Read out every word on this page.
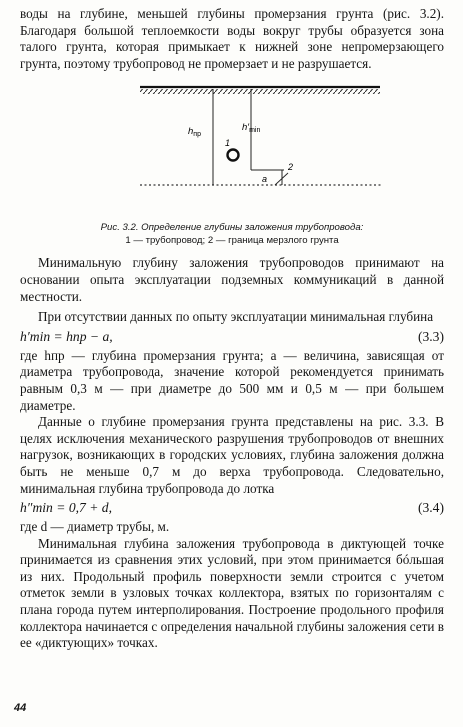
воды на глубине, меньшей глубины промерзания грунта (рис. 3.2). Благодаря большой теплоемкости воды вокруг трубы образуется зона талого грунта, которая примыкает к нижней зоне непромерзающего грунта, поэтому трубопровод не промерзает и не разрушается.

$h_{пр}$
$h'_{min}$
1
2
a
Рис. 3.2. Определение глубины заложения трубопровода:
1 — трубопровод; 2 — граница мерзлого грунта

Минимальную глубину заложения трубопроводов принимают на основании опыта эксплуатации подземных коммуникаций в данной местности.

При отсутствии данных по опыту эксплуатации минимальная глубина

h′min = hпр − a,	(3.3)

где hпр — глубина промерзания грунта; a — величина, зависящая от диаметра трубопровода, значение которой рекомендуется принимать равным 0,3 м — при диаметре до 500 мм и 0,5 м — при большем диаметре.

Данные о глубине промерзания грунта представлены на рис. 3.3. В целях исключения механического разрушения трубопроводов от внешних нагрузок, возникающих в городских условиях, глубина заложения должна быть не меньше 0,7 м до верха трубопровода. Следовательно, минимальная глубина трубопровода до лотка

h″min = 0,7 + d,	(3.4)

где d — диаметр трубы, м.

Минимальная глубина заложения трубопровода в диктующей точке принимается из сравнения этих условий, при этом принимается бóльшая из них. Продольный профиль поверхности земли строится с учетом отметок земли в узловых точках коллектора, взятых по горизонталям с плана города путем интерполирования. Построение продольного профиля коллектора начинается с определения начальной глубины заложения сети в ее «диктующих» точках.

44
